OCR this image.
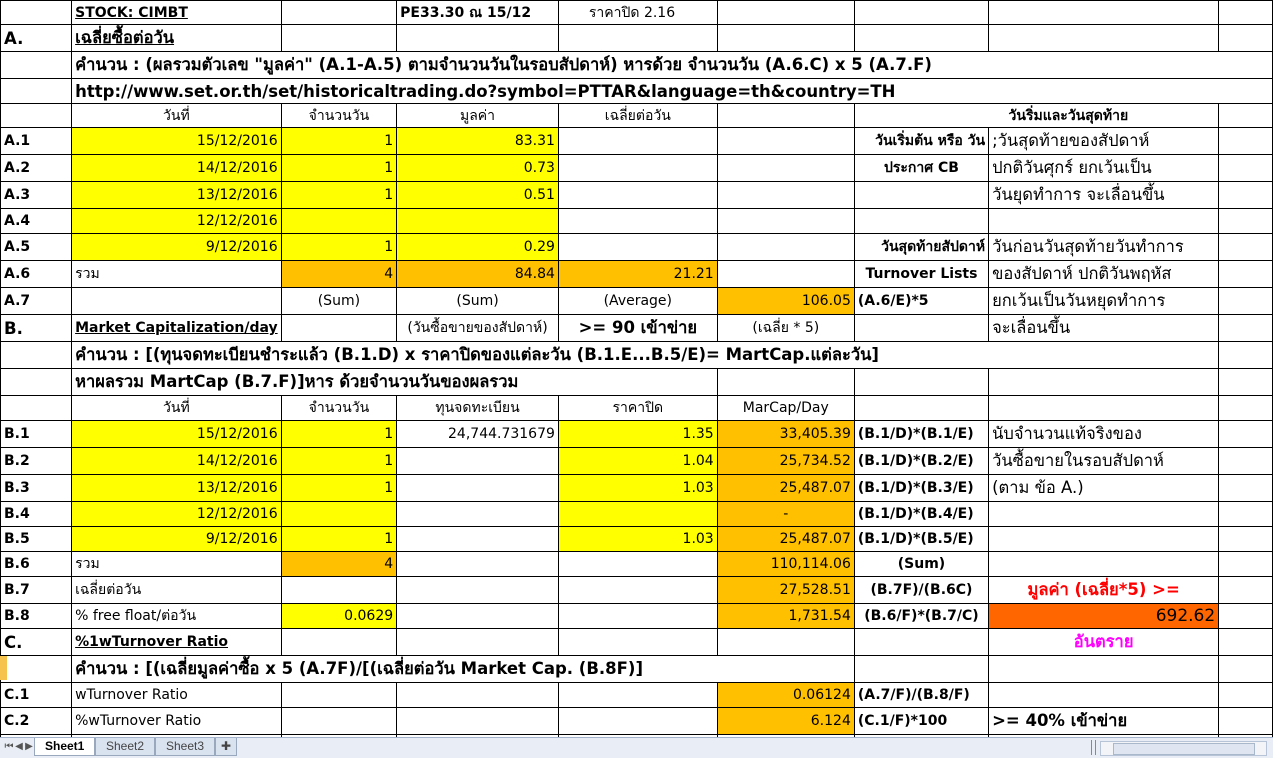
	STOCK: CIMBT		PE33.30 ณ 15/12	ราคาปิด 2.16				
A.	เฉลี่ยซื้อต่อวัน							
	คำนวน : (ผลรวมตัวเลข "มูลค่า" (A.1-A.5) ตามจำนวนวันในรอบสัปดาห์) หารด้วย จำนวนวัน (A.6.C) x 5 (A.7.F)							
	http://www.set.or.th/set/historicaltrading.do?symbol=PTTAR&language=th&country=TH							
	วันที่	จำนวนวัน	มูลค่า	เฉลี่ยต่อวัน		วันริ่มและวันสุดท้าย		
A.1	15/12/2016	1	83.31			วันเริ่มต้น หรือ วัน	;วันสุดท้ายของสัปดาห์	
A.2	14/12/2016	1	0.73			ประกาศ CB	ปกติวันศุกร์ ยกเว้นเป็น	
A.3	13/12/2016	1	0.51				วันยุดทำการ จะเลื่อนขึ้น	
A.4	12/12/2016							
A.5	9/12/2016	1	0.29			วันสุดท้ายสัปดาห์	วันก่อนวันสุดท้ายวันทำการ	
A.6	รวม	4	84.84	21.21		Turnover Lists	ของสัปดาห์ ปกติวันพฤหัส	
A.7		(Sum)	(Sum)	(Average)	106.05	(A.6/E)*5	ยกเว้นเป็นวันหยุดทำการ	
B.	Market Capitalization/day		(วันซื้อขายของสัปดาห์)	>= 90 เข้าข่าย	(เฉลี่ย * 5)		จะเลื่อนขึ้น	
	คำนวน : [(ทุนจดทะเบียนชำระแล้ว (B.1.D) x ราคาปิดของแต่ละวัน (B.1.E...B.5/E)= MartCap.แต่ละวัน]							
	หาผลรวม MartCap (B.7.F)]หาร ด้วยจำนวนวันของผลรวม							
	วันที่	จำนวนวัน	ทุนจดทะเบียน	ราคาปิด	MarCap/Day			
B.1	15/12/2016	1	24,744.731679	1.35	33,405.39	(B.1/D)*(B.1/E)	นับจำนวนแท้จริงของ	
B.2	14/12/2016	1		1.04	25,734.52	(B.1/D)*(B.2/E)	วันซื้อขายในรอบสัปดาห์	
B.3	13/12/2016	1		1.03	25,487.07	(B.1/D)*(B.3/E)	(ตาม ข้อ A.)	
B.4	12/12/2016				-	(B.1/D)*(B.4/E)		
B.5	9/12/2016	1		1.03	25,487.07	(B.1/D)*(B.5/E)		
B.6	รวม	4			110,114.06	(Sum)		
B.7	เฉลี่ยต่อวัน				27,528.51	(B.7F)/(B.6C)	มูลค่า (เฉลี่ย*5) >=	
B.8	% free float/ต่อวัน	0.0629			1,731.54	(B.6/F)*(B.7/C)	692.62	
C.	%1wTurnover Ratio						อันตราย	
	คำนวน : [(เฉลี่ยมูลค่าซื้อ x 5 (A.7F)/[(เฉลี่ยต่อวัน Market Cap. (B.8F)]							
C.1	wTurnover Ratio				0.06124	(A.7/F)/(B.8/F)		
C.2	%wTurnover Ratio				6.124	(C.1/F)*100	>= 40% เข้าข่าย	

⏮ ◀ ▶	Sheet1	Sheet2	Sheet3	✚
